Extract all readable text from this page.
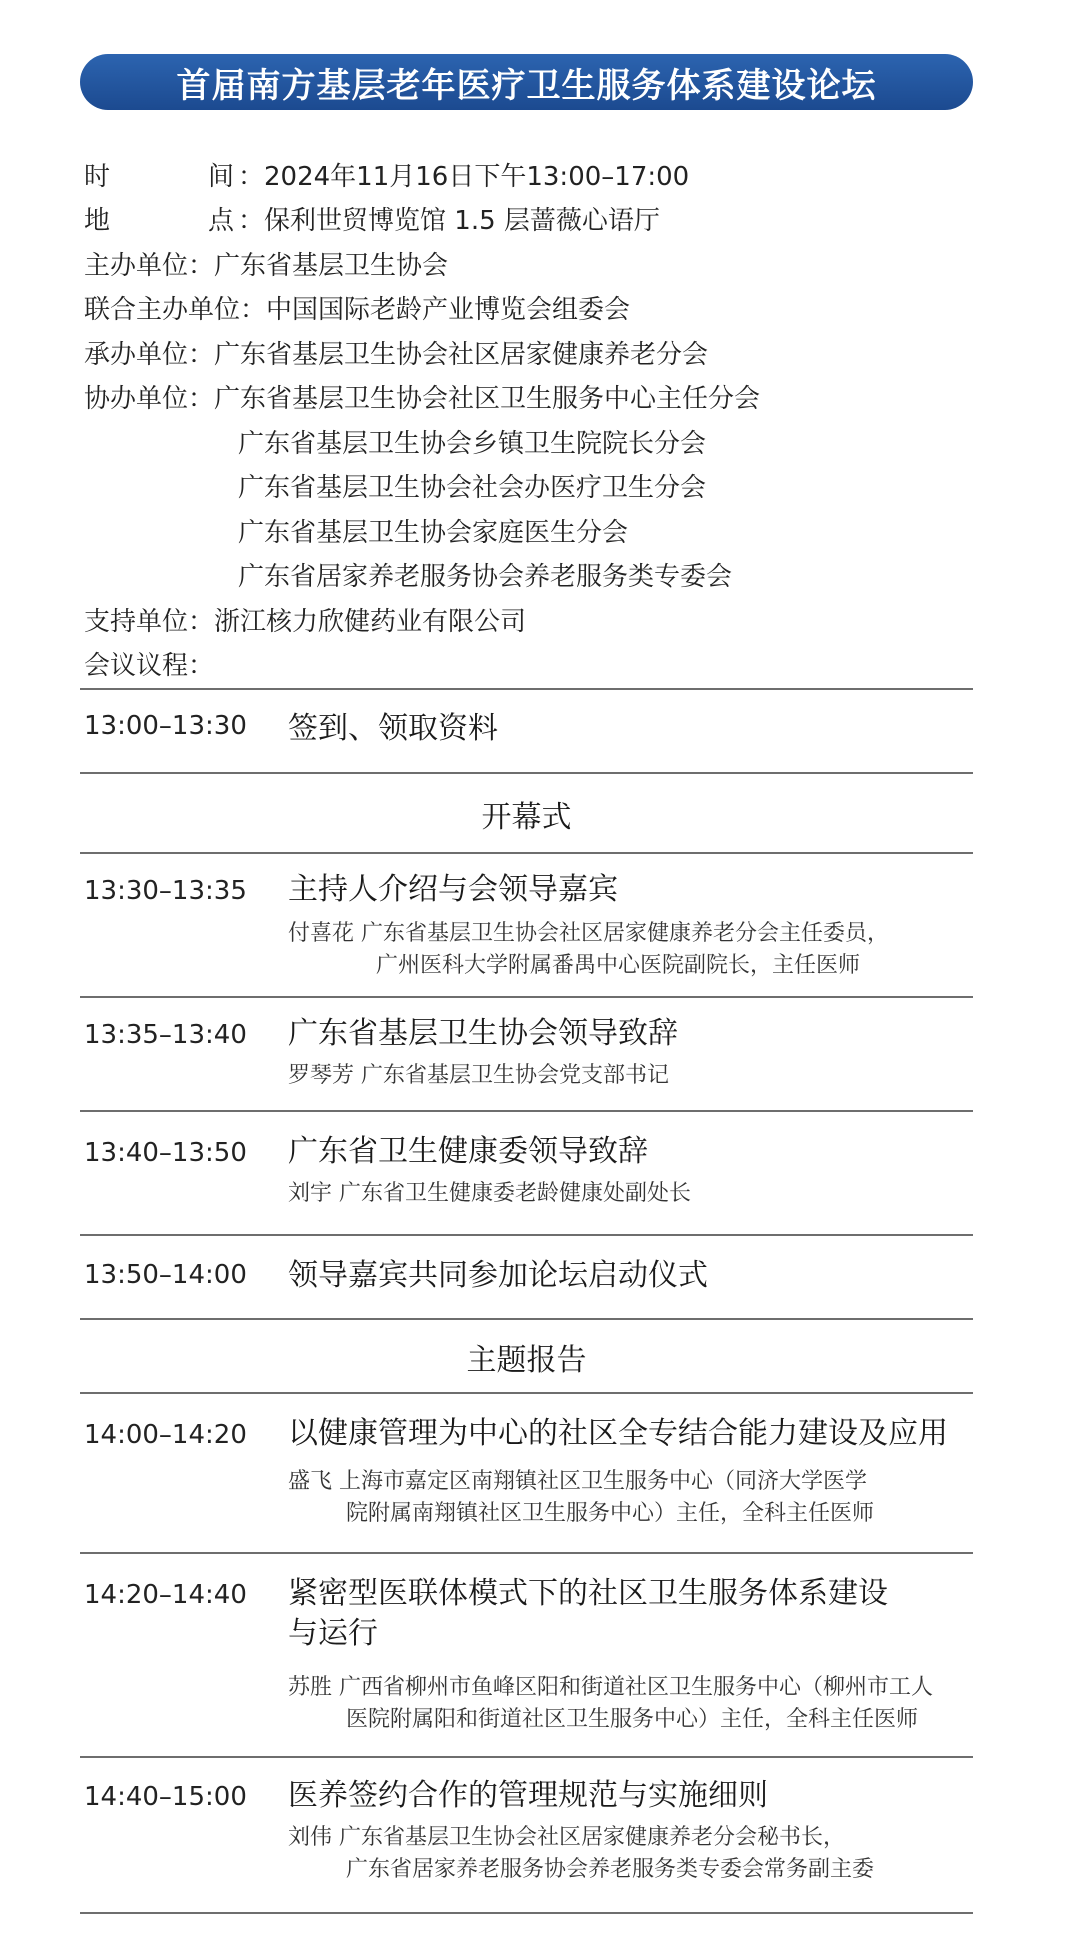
首届南方基层老年医疗卫生服务体系建设论坛
时	间 ： 2024年11月16日下午13:00–17:00
地	点 ： 保利世贸博览馆 1.5 层蔷薇心语厅
主办单位 ： 广东省基层卫生协会
联合主办单位 ： 中国国际老龄产业博览会组委会
承办单位 ： 广东省基层卫生协会社区居家健康养老分会
协办单位 ： 广东省基层卫生协会社区卫生服务中心主任分会
广东省基层卫生协会乡镇卫生院院长分会
广东省基层卫生协会社会办医疗卫生分会
广东省基层卫生协会家庭医生分会
广东省居家养老服务协会养老服务类专委会
支持单位 ： 浙江核力欣健药业有限公司
会议议程 ：
13:00–13:30 签到、领取资料
开幕式
13:30–13:35 主持人介绍与会领导嘉宾
付喜花 广东省基层卫生协会社区居家健康养老分会主任委员，
广州医科大学附属番禺中心医院副院长，主任医师
13:35–13:40 广东省基层卫生协会领导致辞
罗琴芳 广东省基层卫生协会党支部书记
13:40–13:50 广东省卫生健康委领导致辞
刘宇 广东省卫生健康委老龄健康处副处长
13:50–14:00 领导嘉宾共同参加论坛启动仪式
主题报告
14:00–14:20 以健康管理为中心的社区全专结合能力建设及应用
盛飞 上海市嘉定区南翔镇社区卫生服务中心（同济大学医学
院附属南翔镇社区卫生服务中心）主任，全科主任医师
14:20–14:40 紧密型医联体模式下的社区卫生服务体系建设
与运行
苏胜 广西省柳州市鱼峰区阳和街道社区卫生服务中心（柳州市工人
医院附属阳和街道社区卫生服务中心）主任，全科主任医师
14:40–15:00 医养签约合作的管理规范与实施细则
刘伟 广东省基层卫生协会社区居家健康养老分会秘书长，
广东省居家养老服务协会养老服务类专委会常务副主委
